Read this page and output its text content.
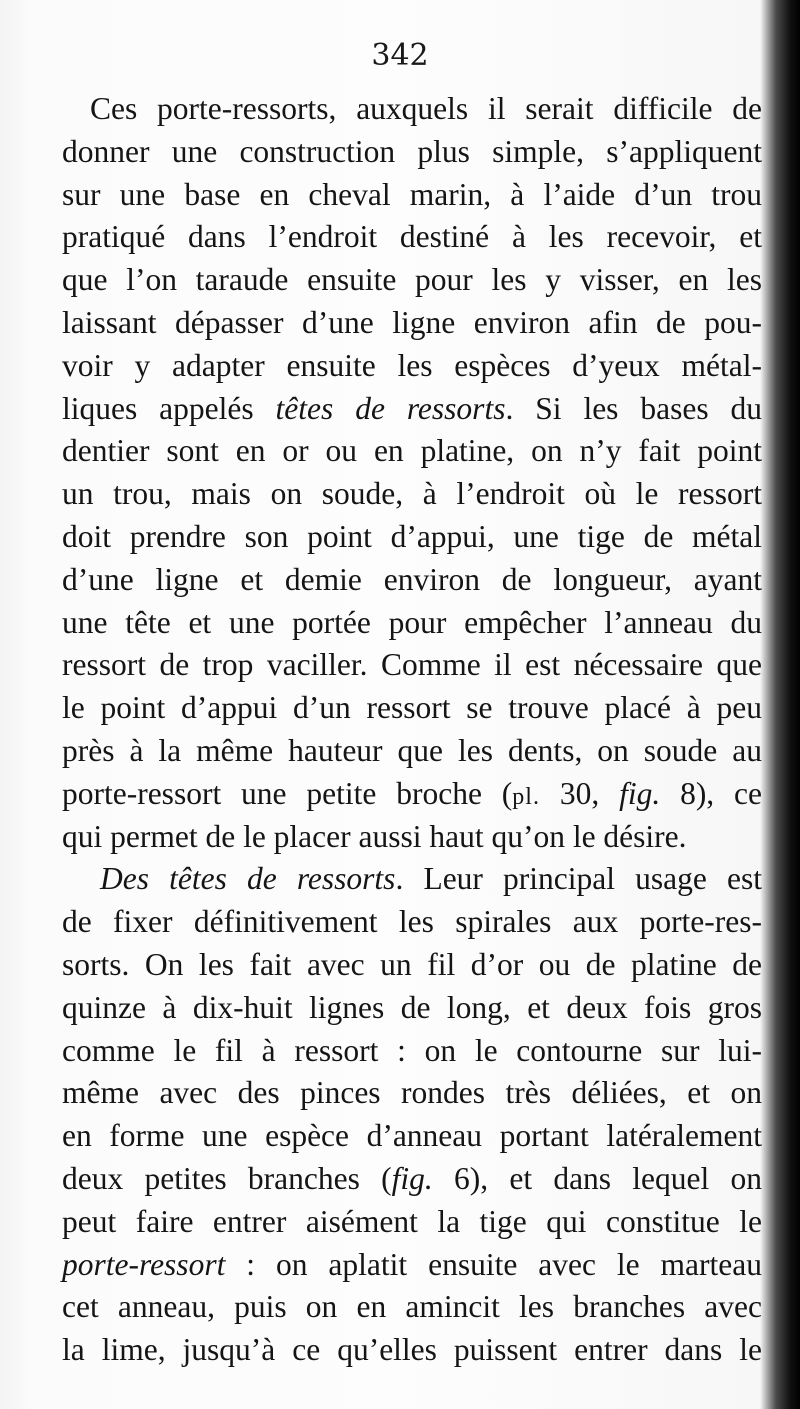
342
Ces porte-ressorts, auxquels il serait difficile de
donner une construction plus simple, s’appliquent
sur une base en cheval marin, à l’aide d’un trou
pratiqué dans l’endroit destiné à les recevoir, et
que l’on taraude ensuite pour les y visser, en les
laissant dépasser d’une ligne environ afin de pou-
voir y adapter ensuite les espèces d’yeux métal-
liques appelés têtes de ressorts. Si les bases du
dentier sont en or ou en platine, on n’y fait point
un trou, mais on soude, à l’endroit où le ressort
doit prendre son point d’appui, une tige de métal
d’une ligne et demie environ de longueur, ayant
une tête et une portée pour empêcher l’anneau du
ressort de trop vaciller. Comme il est nécessaire que
le point d’appui d’un ressort se trouve placé à peu
près à la même hauteur que les dents, on soude au
porte-ressort une petite broche (pl. 30, fig. 8), ce
qui permet de le placer aussi haut qu’on le désire.
Des têtes de ressorts. Leur principal usage est
de fixer définitivement les spirales aux porte-res-
sorts. On les fait avec un fil d’or ou de platine de
quinze à dix-huit lignes de long, et deux fois gros
comme le fil à ressort : on le contourne sur lui-
même avec des pinces rondes très déliées, et on
en forme une espèce d’anneau portant latéralement
deux petites branches (fig. 6), et dans lequel on
peut faire entrer aisément la tige qui constitue le
porte-ressort : on aplatit ensuite avec le marteau
cet anneau, puis on en amincit les branches avec
la lime, jusqu’à ce qu’elles puissent entrer dans le
